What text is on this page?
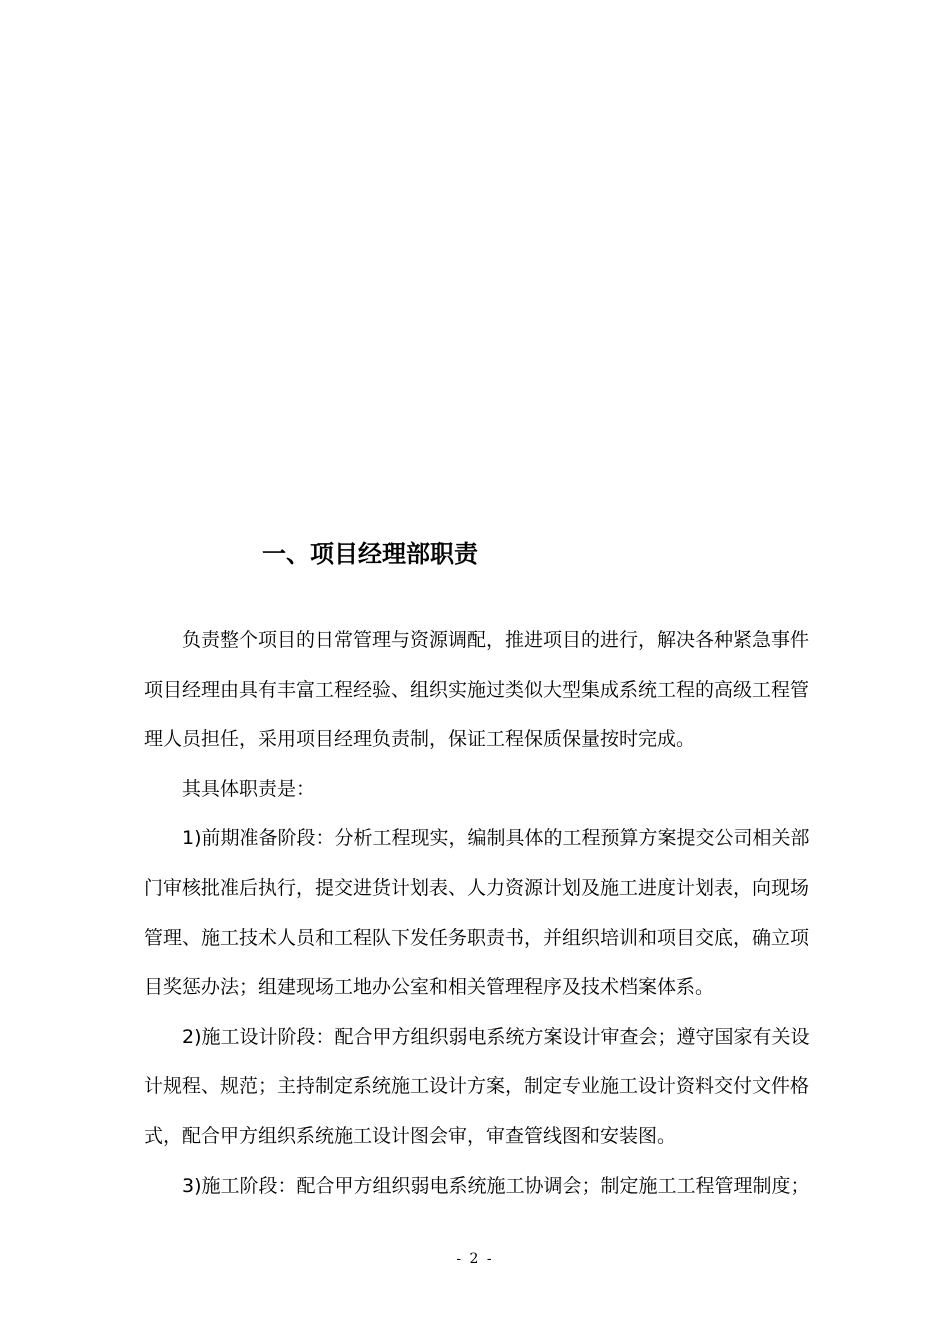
一、项目经理部职责
负责整个项目的日常管理与资源调配，推进项目的进行，解决各种紧急事件
项目经理由具有丰富工程经验、组织实施过类似大型集成系统工程的高级工程管
理人员担任，采用项目经理负责制，保证工程保质保量按时完成。
其具体职责是：
1)前期准备阶段：分析工程现实，编制具体的工程预算方案提交公司相关部
门审核批准后执行，提交进货计划表、人力资源计划及施工进度计划表，向现场
管理、施工技术人员和工程队下发任务职责书，并组织培训和项目交底，确立项
目奖惩办法；组建现场工地办公室和相关管理程序及技术档案体系。
2)施工设计阶段：配合甲方组织弱电系统方案设计审查会；遵守国家有关设
计规程、规范；主持制定系统施工设计方案，制定专业施工设计资料交付文件格
式，配合甲方组织系统施工设计图会审，审查管线图和安装图。
3)施工阶段：配合甲方组织弱电系统施工协调会；制定施工工程管理制度；
- 2 -
